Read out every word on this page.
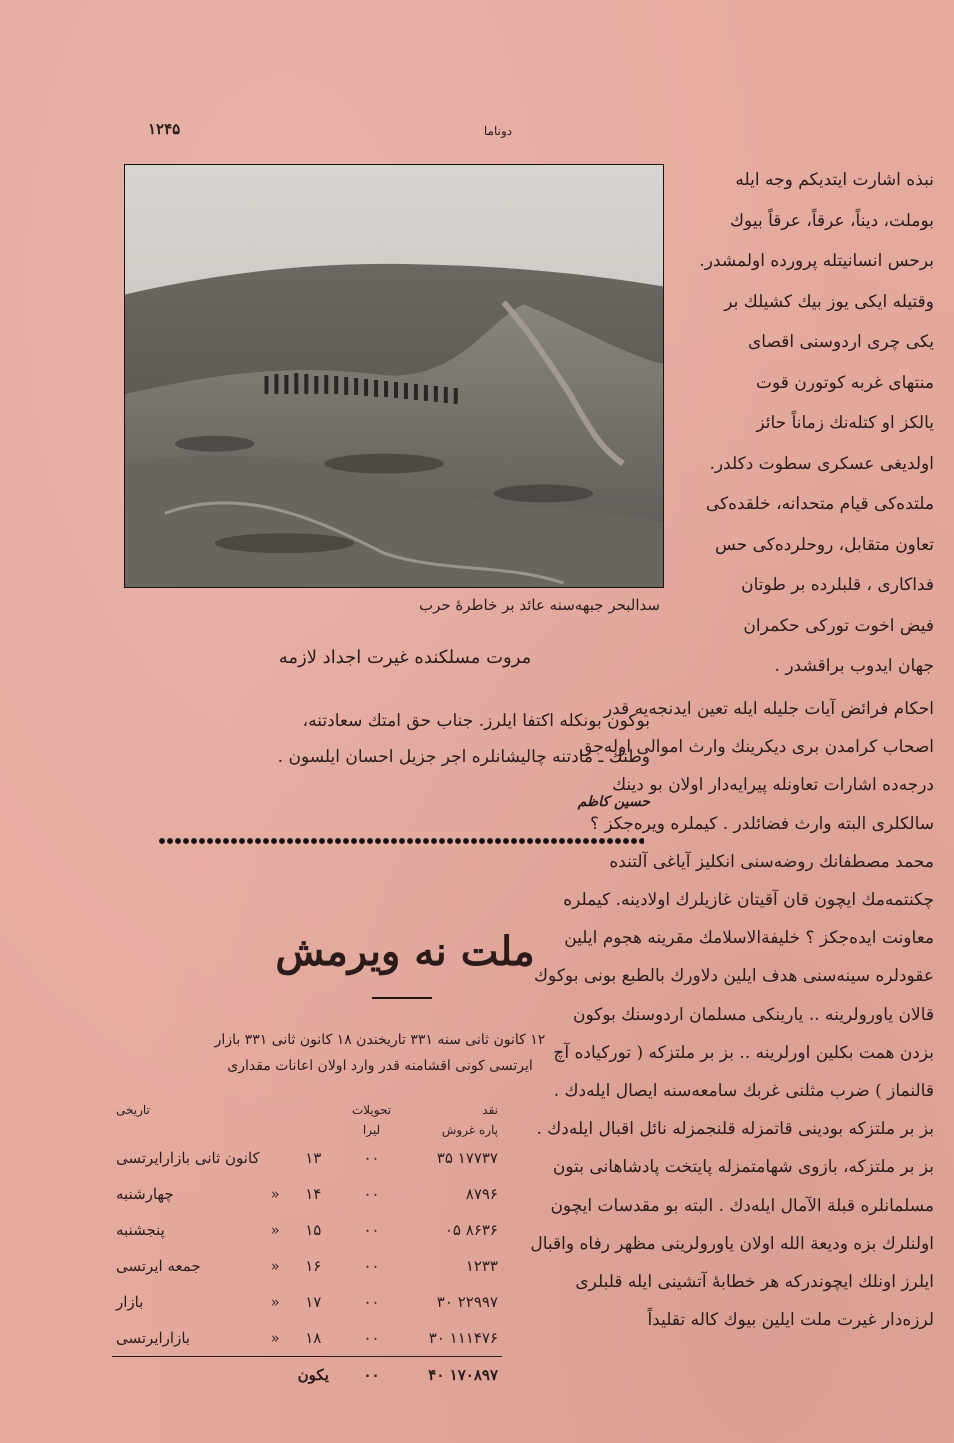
۱۲۴۵	دوناما
سدالبحر جبهه‌سنه عائد بر خاطرهٔ حرب
نبذه اشارت ایتدیکم وجه ایله
بوملت، دیناً، عرقاً، عرقاً بیوك
برحس انسانیتله پرورده اولمشدر.
وقتیله ایکی یوز بیك کشیلك بر
یکی چری اردوسنی اقصای
منتهای غربه کوتورن قوت
یالکز او کتله‌نك زماناً حائز
اولدیغی عسکری سطوت دکلدر.
ملتده‌کی قیام متحدانه، خلقده‌کی
تعاون متقابل، روحلرده‌کی حس
فداکاری ، قلبلرده بر طوتان
فیض اخوت تورکی حکمران
جهان ایدوب براقشدر .
مروت مسلکنده غیرت اجداد لازمه
بوکون بونکله اکتفا ایلرز. جناب حق امتك سعادتنه،
وطنك ـ مادتنه چالیشانلره اجر جزیل احسان ایلسون .
حسین کاظم
احکام فرائض آیات جلیله ایله تعین ایدنجه‌یه قدر
اصحاب کرامدن بری دیکرینك وارث اموالی اوله‌جق
درجه‌ده اشارات تعاونله پیرایه‌دار اولان بو دینك
سالکلری البته وارث فضائلدر . کیملره ویره‌جکز ؟
محمد مصطفانك روضه‌سنی انکلیز آیاغی آلتنده
چکنتمه‌مك ایچون قان آقیتان غازیلرك اولادینه. کیملره
معاونت ایده‌جکز ؟ خلیفة‌الاسلامك مقرینه هجوم ایلین
عقودلره سینه‌سنی هدف ایلین دلاورك بالطبع بونی بوکوك
قالان یاورولرینه .. یارینکی مسلمان اردوسنك بوکون
بزدن همت بکلین اورلرینه .. بز بر ملتزکه ( تورکیاده آچ
قالنماز ) ضرب مثلنی غربك سامعه‌سنه ایصال ایله‌دك .
بز بر ملتزکه بودینی قاتمزله قلنجمزله نائل اقبال ایله‌دك .
بز بر ملتزکه، بازوی شهامتمزله پایتخت پادشاهانی بتون
مسلمانلره قبلة الآمال ایله‌دك . البته بو مقدسات ایچون
اولنلرك بزه ودیعة الله اولان یاورولرینی مظهر رفاه واقبال
ایلرز اونلك ایچوندرکه هر خطابهٔ آتشینی ایله قلبلری
لرزه‌دار غیرت ملت ایلین بیوك کاله تقلیداً
ملت نه ویرمش
۱۲ کانون ثانی سنه ۳۳۱ تاریخندن ۱۸ کانون ثانی ۳۳۱ بازار
ایرتسی کونی اقشامنه قدر وارد اولان اعانات مقداری
نقد	تحویلات			تاریخی
پاره غروش	لیرا			
۱۷۷۳۷ ۳۵	۰۰	۱۳		کانون ثانی بازارایرتسی
۸۷۹۶	۰۰	۱۴	«	چهارشنبه
۸۶۳۶ ۰۵	۰۰	۱۵	«	پنجشنبه
۱۲۳۳	۰۰	۱۶	«	جمعه ایرتسی
۲۲۹۹۷ ۳۰	۰۰	۱۷	«	بازار
۱۱۱۴۷۶ ۳۰	۰۰	۱۸	«	بازارایرتسی
۱۷۰۸۹۷ ۴۰	۰۰	یکون		
